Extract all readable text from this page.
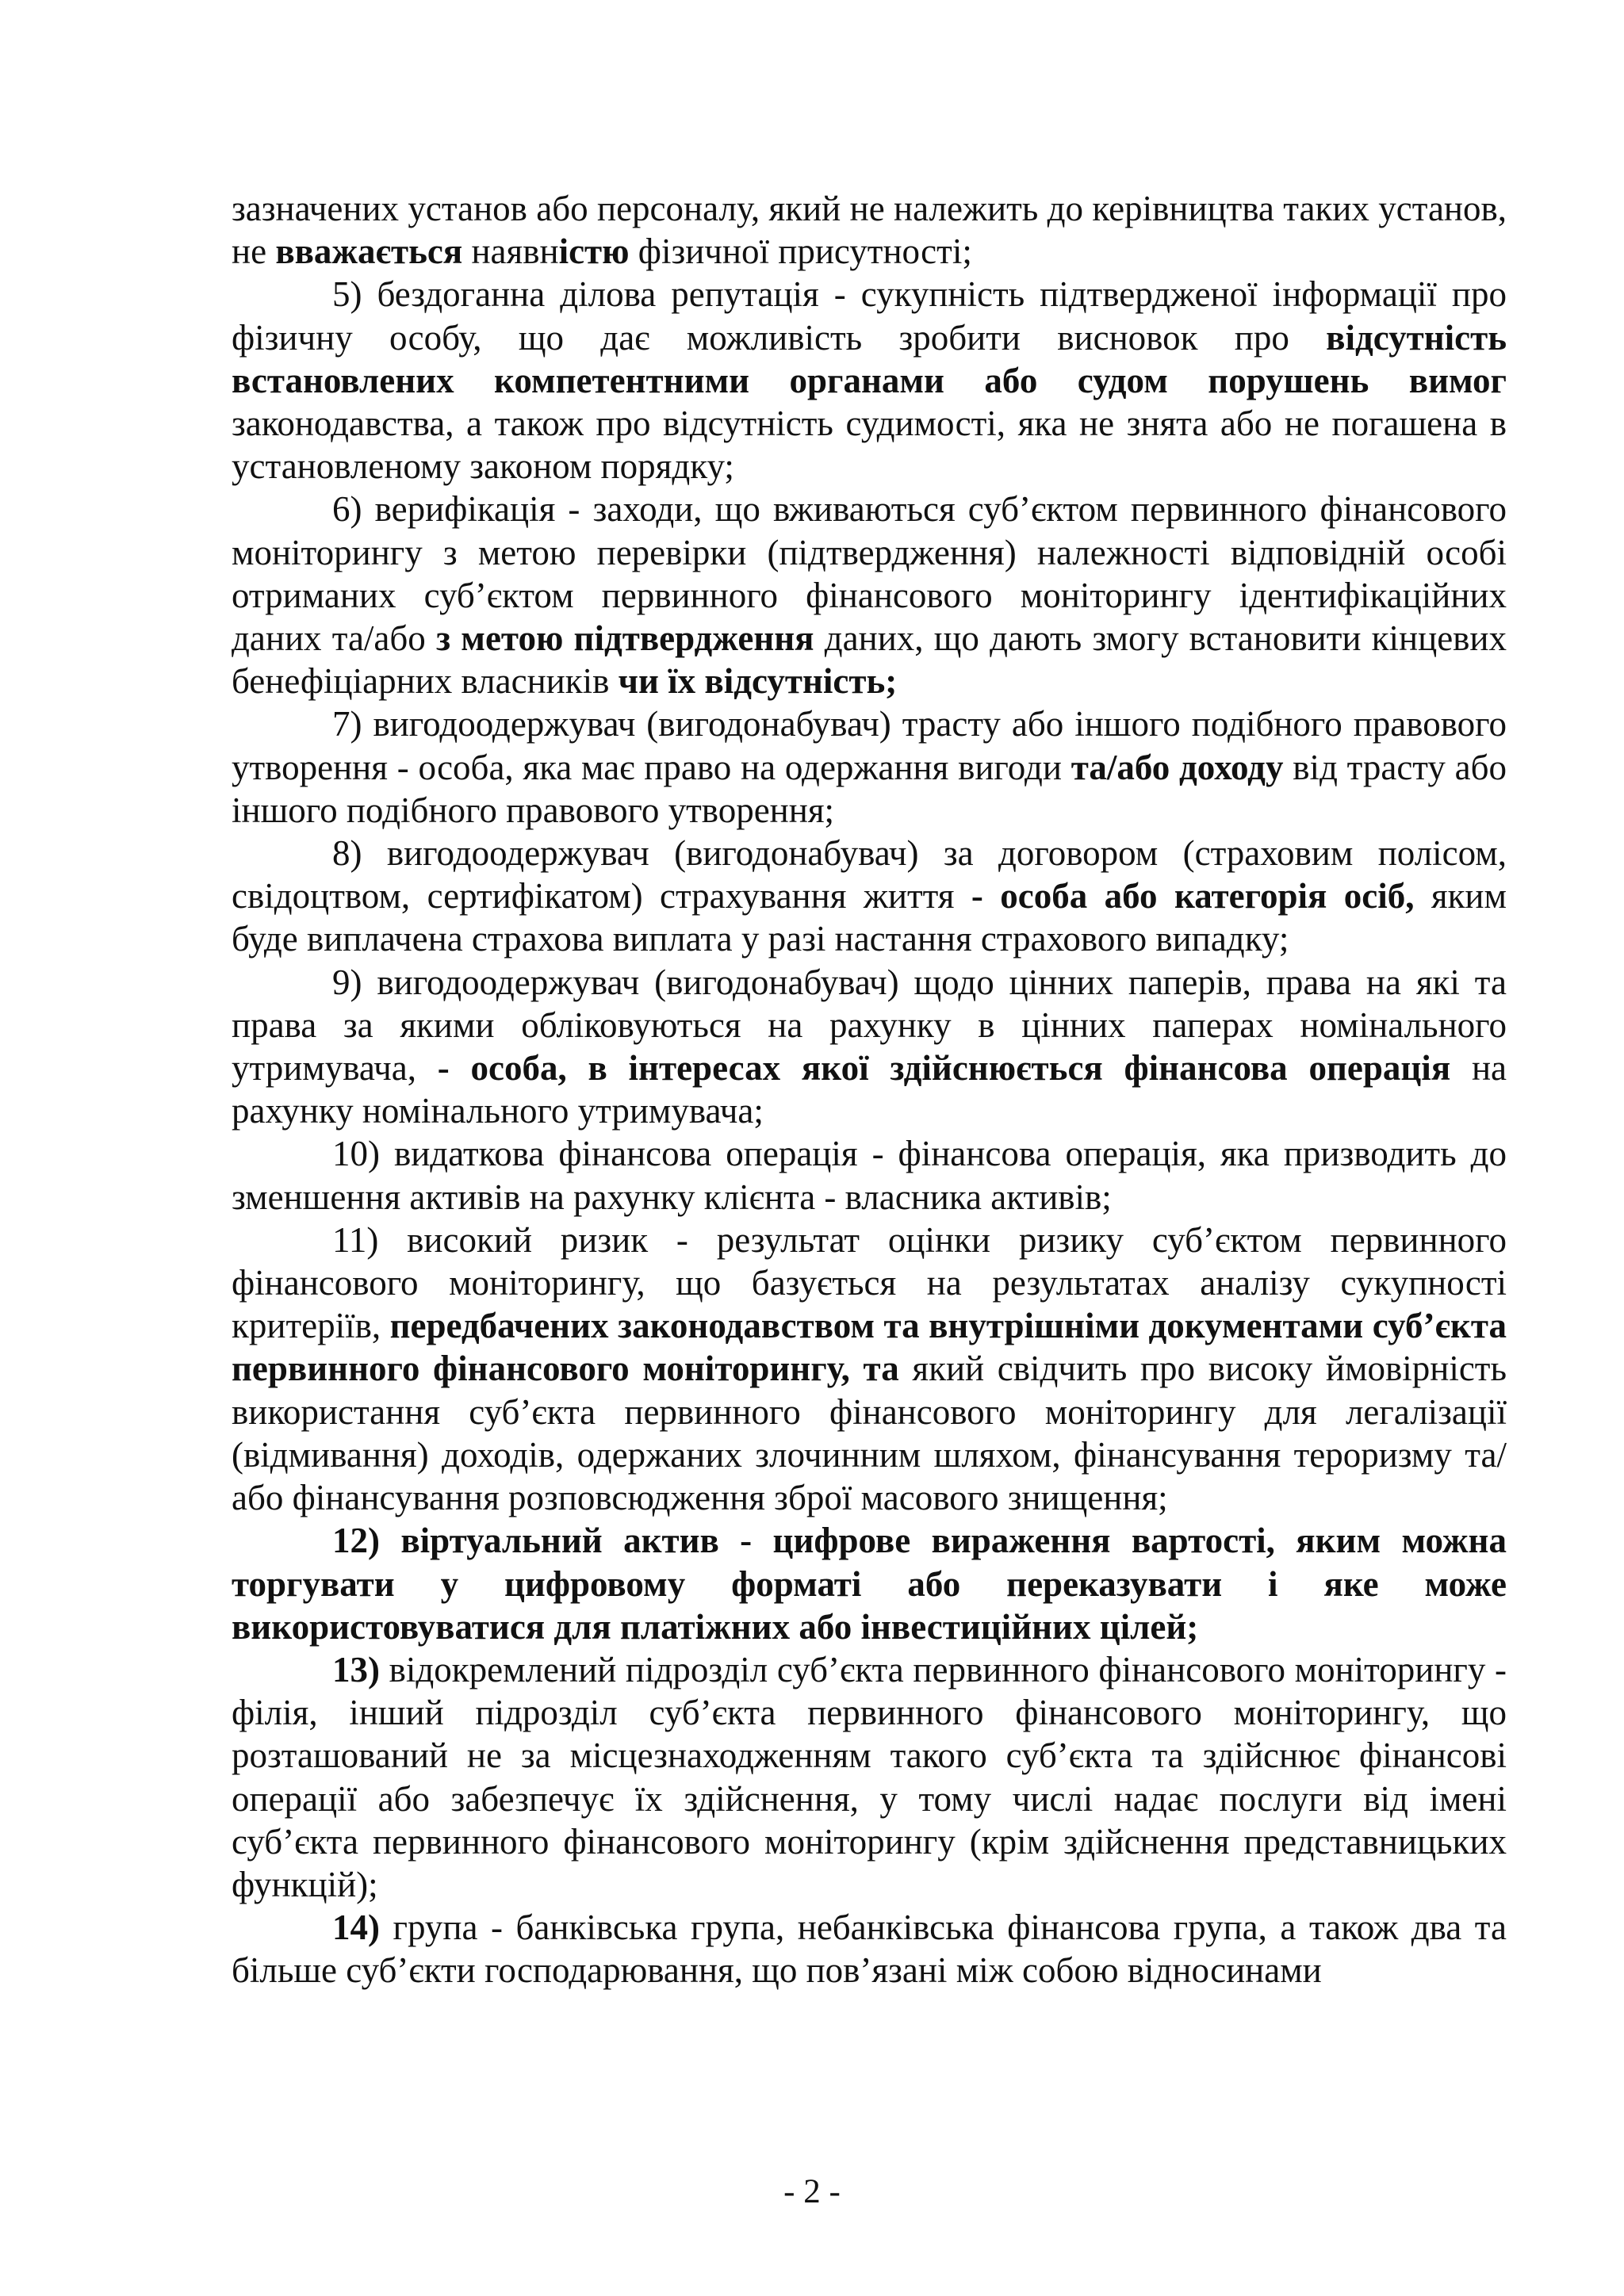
зазначених установ або персоналу, який не належить до керівництва таких установ, не вважається наявністю фізичної присутності;

5) бездоганна ділова репутація - сукупність підтвердженої інформації про фізичну особу, що дає можливість зробити висновок про відсутність встановлених компетентними органами або судом порушень вимог законодавства, а також про відсутність судимості, яка не знята або не погашена в установленому законом порядку;

6) верифікація - заходи, що вживаються суб’єктом первинного фінансового моніторингу з метою перевірки (підтвердження) належності відповідній особі отриманих суб’єктом первинного фінансового моніторингу ідентифікаційних даних та/або з метою підтвердження даних, що дають змогу встановити кінцевих бенефіціарних власників чи їх відсутність;

7) вигодоодержувач (вигодонабувач) трасту або іншого подібного правового утворення - особа, яка має право на одержання вигоди та/або доходу від трасту або іншого подібного правового утворення;

8) вигодоодержувач (вигодонабувач) за договором (страховим полісом, свідоцтвом, сертифікатом) страхування життя - особа або категорія осіб, яким буде виплачена страхова виплата у разі настання страхового випадку;

9) вигодоодержувач (вигодонабувач) щодо цінних паперів, права на які та права за якими обліковуються на рахунку в цінних паперах номінального утримувача, - особа, в інтересах якої здійснюється фінансова операція на рахунку номінального утримувача;

10) видаткова фінансова операція - фінансова операція, яка призводить до зменшення активів на рахунку клієнта - власника активів;

11) високий ризик - результат оцінки ризику суб’єктом первинного фінансового моніторингу, що базується на результатах аналізу сукупності критеріїв, передбачених законодавством та внутрішніми документами суб’єкта первинного фінансового моніторингу, та який свідчить про високу ймовірність використання суб’єкта первинного фінансового моніторингу для легалізації (відмивання) доходів, одержаних злочинним шляхом, фінансування тероризму та/або фінансування розповсюдження зброї масового знищення;

12) віртуальний актив - цифрове вираження вартості, яким можна торгувати у цифровому форматі або переказувати і яке може використовуватися для платіжних або інвестиційних цілей;

13) відокремлений підрозділ суб’єкта первинного фінансового моніторингу - філія, інший підрозділ суб’єкта первинного фінансового моніторингу, що розташований не за місцезнаходженням такого суб’єкта та здійснює фінансові операції або забезпечує їх здійснення, у тому числі надає послуги від імені суб’єкта первинного фінансового моніторингу (крім здійснення представницьких функцій);

14) група - банківська група, небанківська фінансова група, а також два та більше суб’єкти господарювання, що пов’язані між собою відносинами

- 2 -
